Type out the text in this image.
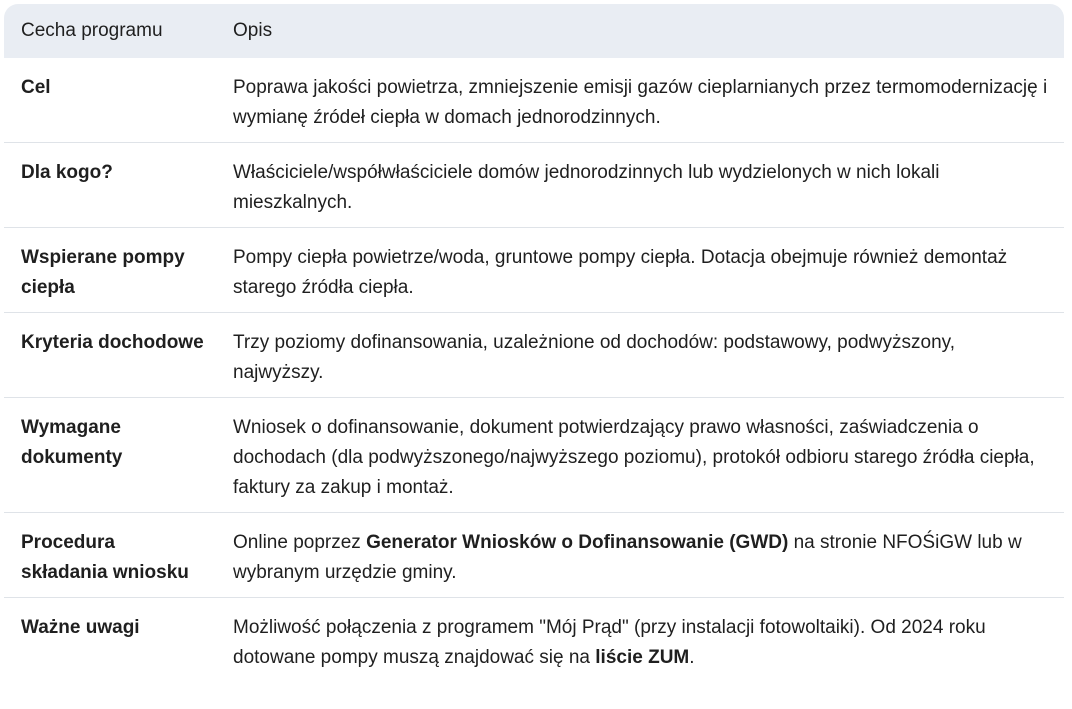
Cecha programu	Opis
Cel	Poprawa jakości powietrza, zmniejszenie emisji gazów cieplarnianych przez termomodernizację i wymianę źródeł ciepła w domach jednorodzinnych.
Dla kogo?	Właściciele/współwłaściciele domów jednorodzinnych lub wydzielonych w nich lokali mieszkalnych.
Wspierane pompy ciepła	Pompy ciepła powietrze/woda, gruntowe pompy ciepła. Dotacja obejmuje również demontaż starego źródła ciepła.
Kryteria dochodowe	Trzy poziomy dofinansowania, uzależnione od dochodów: podstawowy, podwyższony, najwyższy.
Wymagane dokumenty	Wniosek o dofinansowanie, dokument potwierdzający prawo własności, zaświadczenia o dochodach (dla podwyższonego/najwyższego poziomu), protokół odbioru starego źródła ciepła, faktury za zakup i montaż.
Procedura składania wniosku	Online poprzez Generator Wniosków o Dofinansowanie (GWD) na stronie NFOŚiGW lub w wybranym urzędzie gminy.
Ważne uwagi	Możliwość połączenia z programem "Mój Prąd" (przy instalacji fotowoltaiki). Od 2024 roku dotowane pompy muszą znajdować się na liście ZUM.
